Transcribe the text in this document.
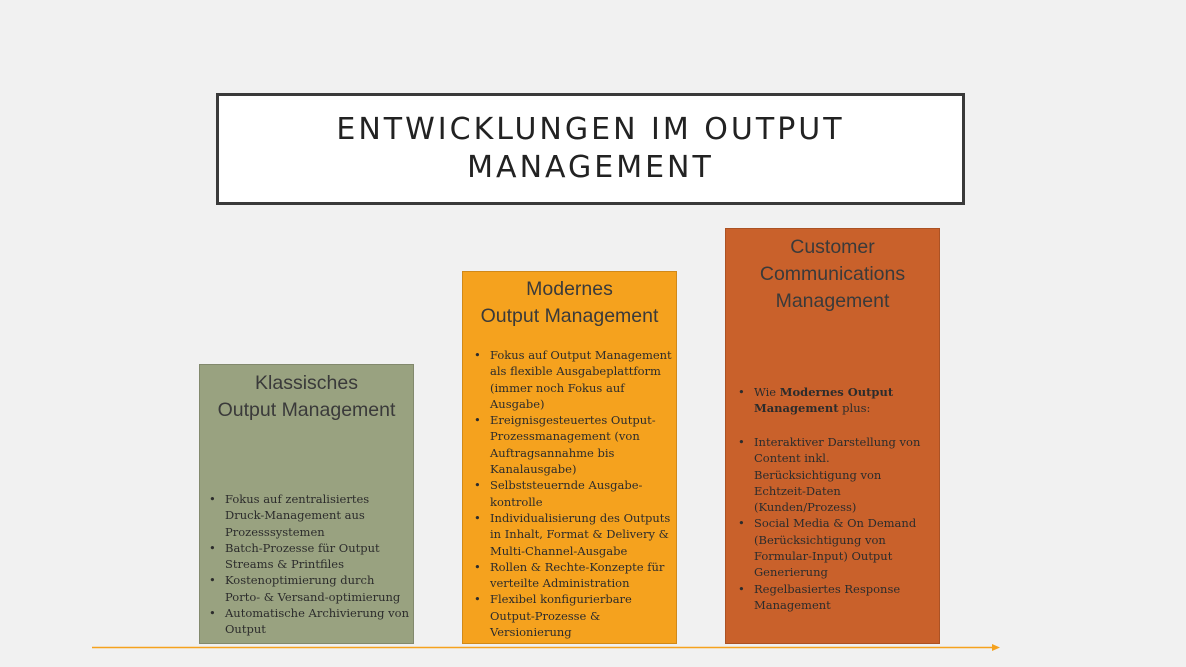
ENTWICKLUNGEN IM OUTPUT
MANAGEMENT
Klassisches
Output Management
• Fokus auf zentralisiertes Druck-Management aus Prozesssystemen
• Batch-Prozesse für Output Streams & Printfiles
• Kostenoptimierung durch Porto- & Versand-optimierung
• Automatische Archivierung von Output
Modernes
Output Management
• Fokus auf Output Management als flexible Ausgabeplattform (immer noch Fokus auf Ausgabe)
• Ereignisgesteuertes Output-Prozessmanagement (von Auftragsannahme bis Kanalausgabe)
• Selbststeuernde Ausgabe-kontrolle
• Individualisierung des Outputs in Inhalt, Format & Delivery & Multi-Channel-Ausgabe
• Rollen & Rechte-Konzepte für verteilte Administration
• Flexibel konfigurierbare Output-Prozesse & Versionierung
Customer
Communications
Management
• Wie Modernes Output Management plus:
• Interaktiver Darstellung von Content inkl. Berücksichtigung von Echtzeit-Daten (Kunden/Prozess)
• Social Media & On Demand (Berücksichtigung von Formular-Input) Output Generierung
• Regelbasiertes Response Management
